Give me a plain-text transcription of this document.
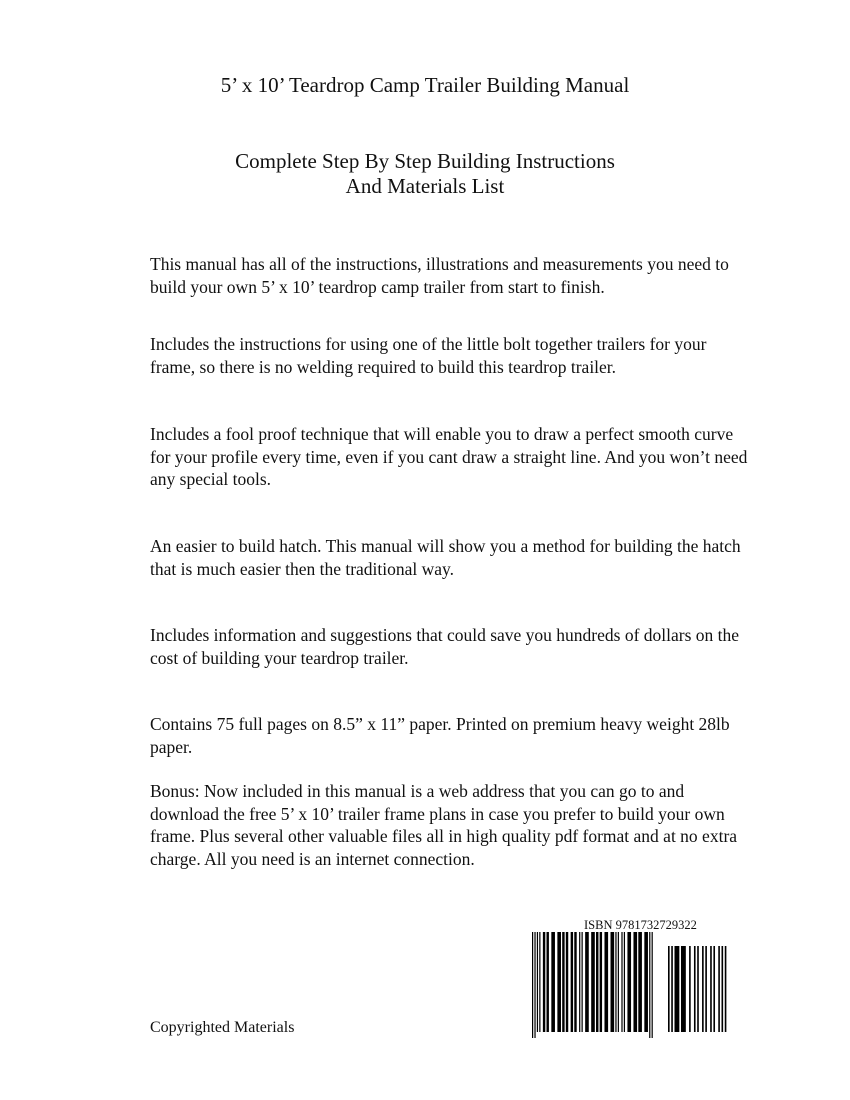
5’ x 10’ Teardrop Camp Trailer Building Manual
Complete Step By Step Building Instructions
And Materials List

This manual has all of the instructions, illustrations and measurements you need to build your own 5’ x 10’ teardrop camp trailer from start to finish.

Includes the instructions for using one of the little bolt together trailers for your frame, so there is no welding required to build this teardrop trailer.

Includes a fool proof technique that will enable you to draw a perfect smooth curve for your profile every time, even if you cant draw a straight line. And you won’t need any special tools.

An easier to build hatch. This manual will show you a method for building the hatch that is much easier then the traditional way.

Includes information and suggestions that could save you hundreds of dollars on the cost of building your teardrop trailer.

Contains 75 full pages on 8.5” x 11” paper. Printed on premium heavy weight 28lb paper.

Bonus: Now included in this manual is a web address that you can go to and download the free 5’ x 10’ trailer frame plans in case you prefer to build your own frame. Plus several other valuable files all in high quality pdf format and at no extra charge. All you need is an internet connection.

ISBN 9781732729322

Copyrighted Materials
